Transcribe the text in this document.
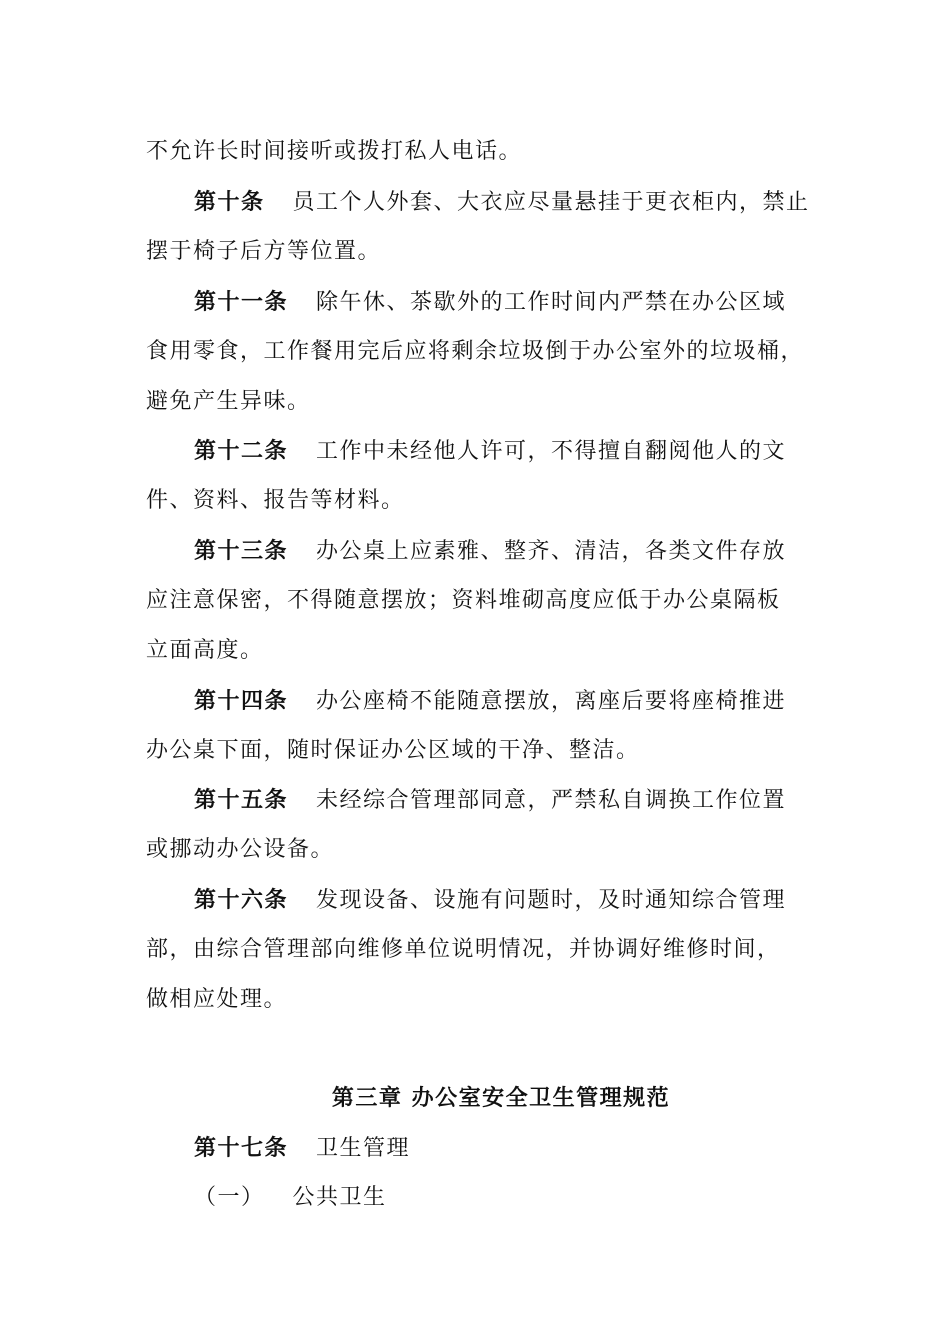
不允许长时间接听或拨打私人电话。
第十条 员工个人外套、大衣应尽量悬挂于更衣柜内，禁止
摆于椅子后方等位置。
第十一条 除午休、茶歇外的工作时间内严禁在办公区域
食用零食，工作餐用完后应将剩余垃圾倒于办公室外的垃圾桶，
避免产生异味。
第十二条 工作中未经他人许可，不得擅自翻阅他人的文
件、资料、报告等材料。
第十三条 办公桌上应素雅、整齐、清洁，各类文件存放
应注意保密，不得随意摆放；资料堆砌高度应低于办公桌隔板
立面高度。
第十四条 办公座椅不能随意摆放，离座后要将座椅推进
办公桌下面，随时保证办公区域的干净、整洁。
第十五条 未经综合管理部同意，严禁私自调换工作位置
或挪动办公设备。
第十六条 发现设备、设施有问题时，及时通知综合管理
部，由综合管理部向维修单位说明情况，并协调好维修时间，
做相应处理。
第三章 办公室安全卫生管理规范
第十七条 卫生管理
（一） 公共卫生
